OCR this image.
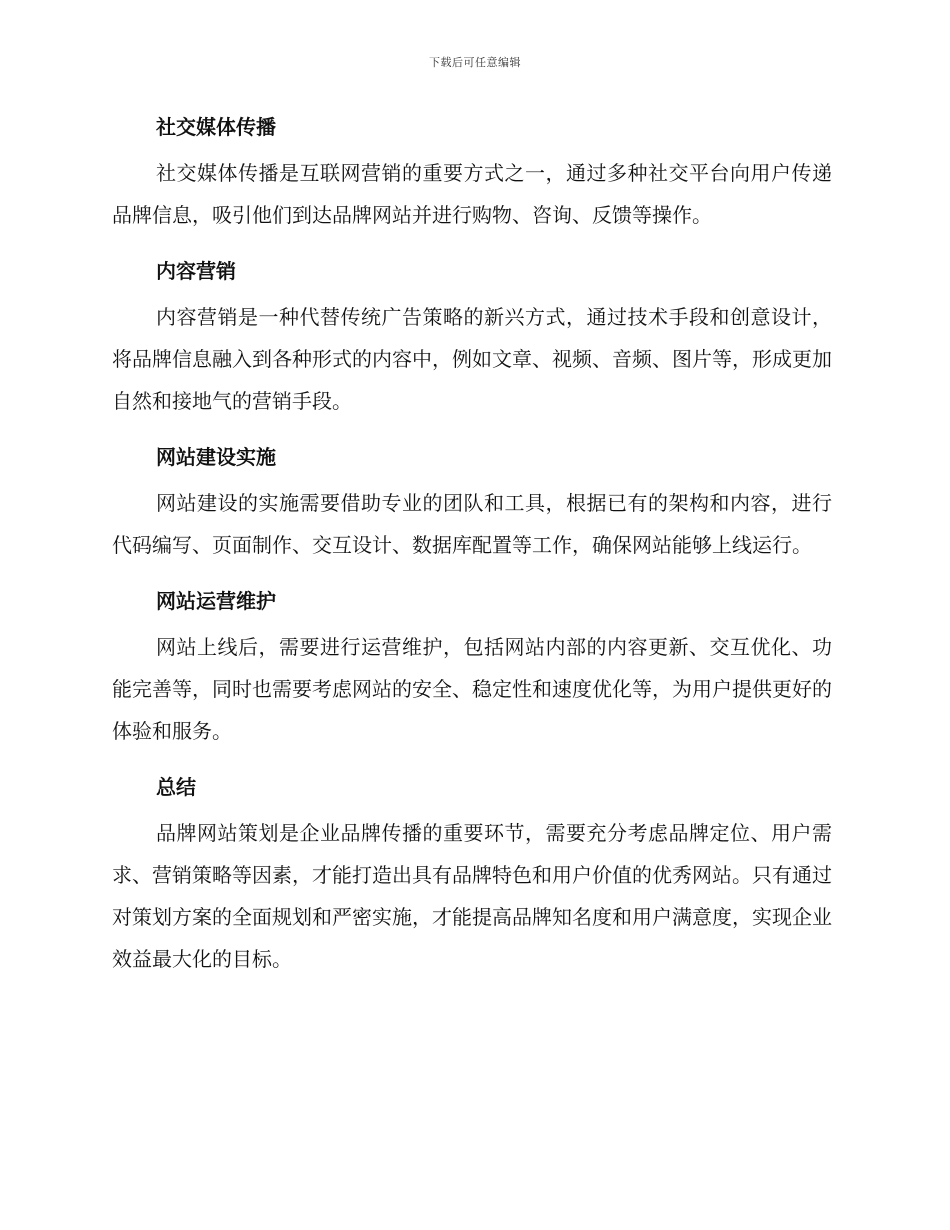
下载后可任意编辑
社交媒体传播

社交媒体传播是互联网营销的重要方式之一，通过多种社交平台向用户传递品牌信息，吸引他们到达品牌网站并进行购物、咨询、反馈等操作。

内容营销

内容营销是一种代替传统广告策略的新兴方式，通过技术手段和创意设计，将品牌信息融入到各种形式的内容中，例如文章、视频、音频、图片等，形成更加自然和接地气的营销手段。

网站建设实施

网站建设的实施需要借助专业的团队和工具，根据已有的架构和内容，进行代码编写、页面制作、交互设计、数据库配置等工作，确保网站能够上线运行。

网站运营维护

网站上线后，需要进行运营维护，包括网站内部的内容更新、交互优化、功能完善等，同时也需要考虑网站的安全、稳定性和速度优化等，为用户提供更好的体验和服务。

总结

品牌网站策划是企业品牌传播的重要环节，需要充分考虑品牌定位、用户需求、营销策略等因素，才能打造出具有品牌特色和用户价值的优秀网站。只有通过对策划方案的全面规划和严密实施，才能提高品牌知名度和用户满意度，实现企业效益最大化的目标。
